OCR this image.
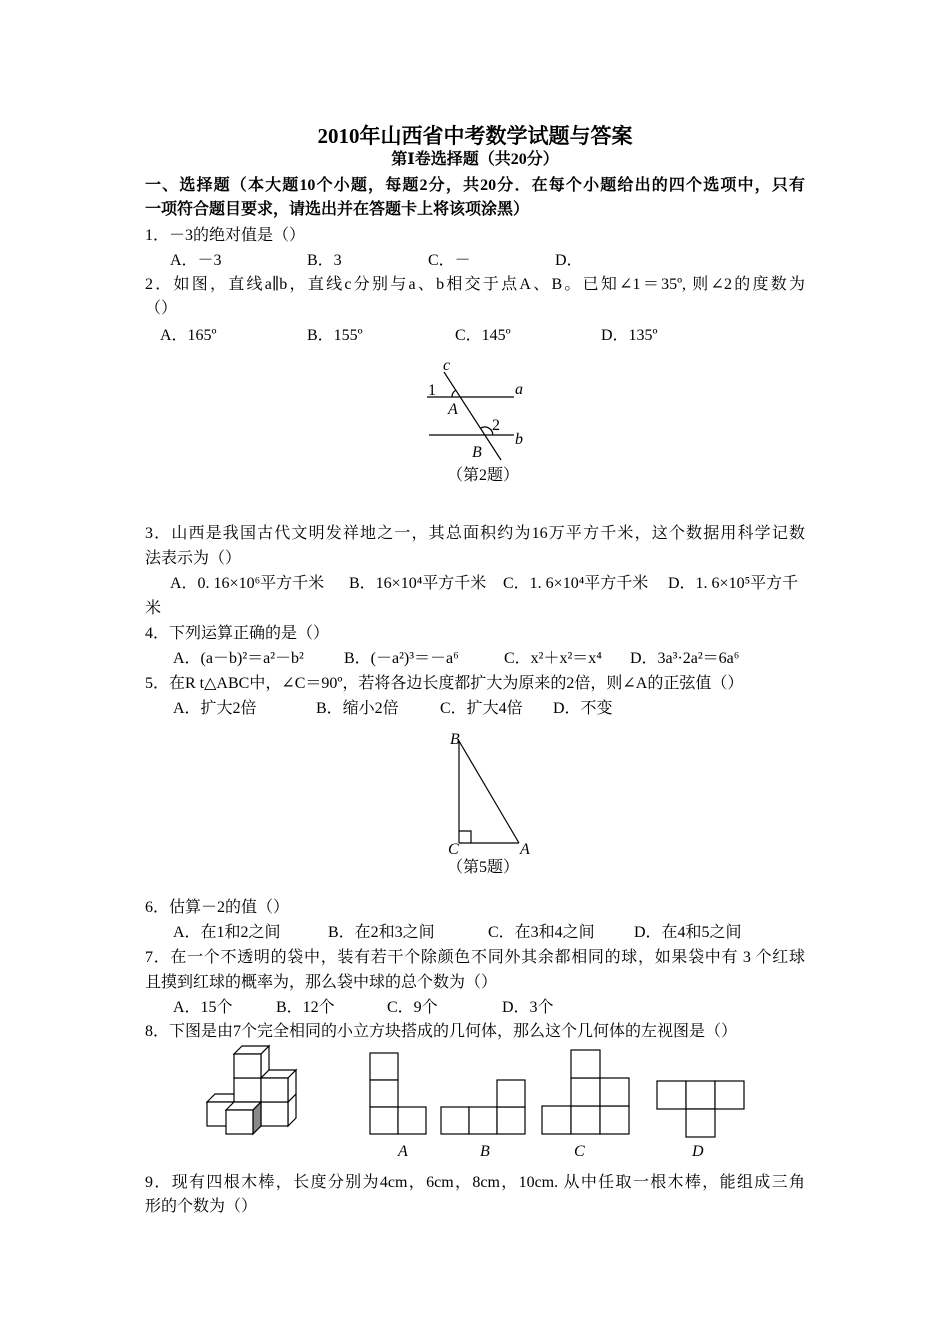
c
1	a
A
2
b
B
B
C	A
A	B	C	D
2010年山西省中考数学试题与答案
第Ⅰ卷选择题（共20分）
一、选择题（本大题10个小题，每题2分，共20分．在每个小题给出的四个选项中，只有
一项符合题目要求，请选出并在答题卡上将该项涂黑）
1．－3的绝对值是（）
A．－3	B．3	C．－	D．
2．如图，直线a∥b，直线c分别与a、b相交于点A、B。已知∠1＝35º, 则∠2的度数为
（）
A．165º	B．155º	C．145º	D．135º
（第2题）
3．山西是我国古代文明发祥地之一，其总面积约为16万平方千米，这个数据用科学记数
法表示为（）
A．0. 16×10⁶平方千米 B．16×10⁴平方千米 C．1. 6×10⁴平方千米 D．1. 6×10⁵平方千
米
4．下列运算正确的是（）
A．(a－b)²＝a²－b²	B．(－a²)³＝－a⁶	C．x²＋x²＝x⁴ D．3a³·2a²＝6a⁶
5．在R t△ABC中，∠C＝90º，若将各边长度都扩大为原来的2倍，则∠A的正弦值（）
A．扩大2倍	B．缩小2倍	C．扩大4倍 D．不变
（第5题）
6．估算－2的值（）
A．在1和2之间	B．在2和3之间	C．在3和4之间 D．在4和5之间
7．在一个不透明的袋中，装有若干个除颜色不同外其余都相同的球，如果袋中有 3 个红球
且摸到红球的概率为，那么袋中球的总个数为（）
A．15个	B．12个	C．9个	D．3个
8．下图是由7个完全相同的小立方块搭成的几何体，那么这个几何体的左视图是（）
9．现有四根木棒，长度分别为4cm，6cm，8cm，10cm. 从中任取一根木棒，能组成三角
形的个数为（）
